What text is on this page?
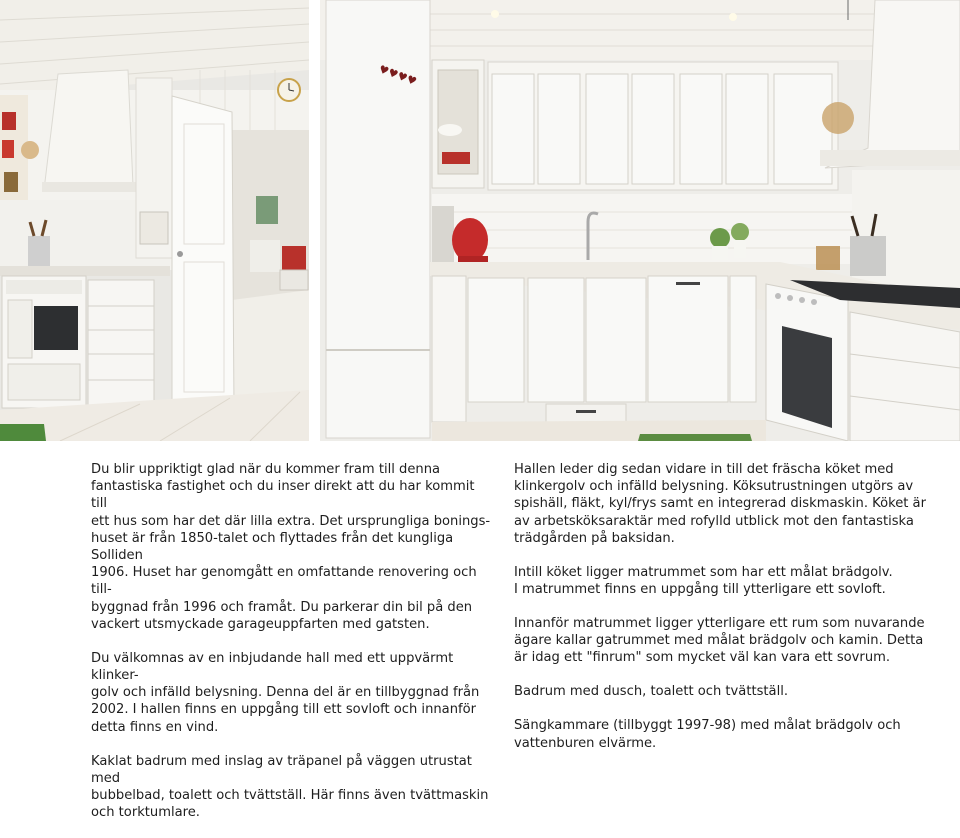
♥♥♥♥

Du blir uppriktigt glad när du kommer fram till denna
fantastiska fastighet och du inser direkt att du har kommit till
ett hus som har det där lilla extra. Det ursprungliga bonings-
huset är från 1850-talet och flyttades från det kungliga Solliden
1906. Huset har genomgått en omfattande renovering och till-
byggnad från 1996 och framåt. Du parkerar din bil på den
vackert utsmyckade garageuppfarten med gatsten.

Du välkomnas av en inbjudande hall med ett uppvärmt klinker-
golv och infälld belysning. Denna del är en tillbyggnad från
2002. I hallen finns en uppgång till ett sovloft och innanför
detta finns en vind.

Kaklat badrum med inslag av träpanel på väggen utrustat med
bubbelbad, toalett och tvättställ. Här finns även tvättmaskin
och torktumlare.

Hallen leder dig sedan vidare in till det fräscha köket med
klinkergolv och infälld belysning. Köksutrustningen utgörs av
spishäll, fläkt, kyl/frys samt en integrerad diskmaskin. Köket är
av arbetsköksaraktär med rofylld utblick mot den fantastiska
trädgården på baksidan.

Intill köket ligger matrummet som har ett målat brädgolv.
I matrummet finns en uppgång till ytterligare ett sovloft.

Innanför matrummet ligger ytterligare ett rum som nuvarande
ägare kallar gatrummet med målat brädgolv och kamin. Detta
är idag ett "finrum" som mycket väl kan vara ett sovrum.

Badrum med dusch, toalett och tvättställ.

Sängkammare (tillbyggt 1997-98) med målat brädgolv och
vattenburen elvärme.
